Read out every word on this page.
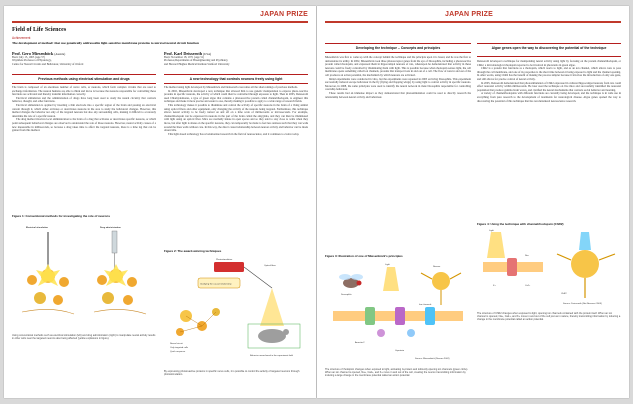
JAPAN PRIZE
Field of Life Sciences
Achievement
The development of method: that use genetically addressable light-sensitive membrane proteins to unravel neural circuit function
Prof. Gero Miesenböck (Austria)
Born: July 15, 1965 (Age 57)
Waynflete Professor of Physiology,
Centre for Neural Circuits and Behaviour, University of Oxford
Prof. Karl Deisseroth (USA)
Born: November 18, 1971 (Age 51)
Professor,Departments of Bioengineering and Psychiatry,
and Howard Hughes Medical Institute Stanford University
Previous methods using electrical stimulation and drugs
The brain is composed of an enormous number of nerve cells, or neurons, which form complex circuits that are used to exchange information. The neuron humans are able to think and move is because the neurons responsible for controlling these functions are activated and thereby transmit information correctly.
Electrical stimulation and the administration of drugs have long been used to study the neural circuitry that controls behavior, thought, and other functions.
Electrical stimulation is applied by inserting a thin electrode into a specific region of the brain and passing an electrical current through it, which either activates or deactivates neurons in the area to study the behavioral changes. However, this method changes the behavior not only of the targeted neurons but also any surrounding cells, making it difficult to accurately determine the role of a specific neuron.
The drug method involves local administration to the brain of a drug that activates or deactivates specific neurons, or which point subsequent behavioral changes are observed to understand the role of those neurons. However, neural activity causes of a new measurable in milliseconds, so because a drug takes time to affect the targeted neurons, there is a time lag that can be gained from this method.
Figure 1: Conventional methods for investigating the role of neurons
Electrical stimulation	Drug administration
Using conventional methods such as electrical stimulation (left) and drug administration (right) to manipulate neural activity results in other cells near the targeted neurons also being affected (yellow explosions in figure).
A new technology that controls neurons freely using light
The method using light developed by Miesenböck and Deisseroth overcomes all the shortcomings of previous methods.
In 2002, Miesenböck developed a new technique that allowed him to use genetic manipulation to express photo-reactive proteins in specific neurons, the activity of which could then be controlled through exposure to light. Then in 2005, Deisseroth used Chlamydomonas, a type of green algae that contains a photoreactive protein called channelrhodopsin, to engineer this technique and make it more precise and easier to use, thereby making it possible to apply to a wide range of research fields.
This technology makes it possible to illuminate and control the activity of specific neurons in the brain of a living animal using optical fibers and other equipment, only changing the activity of the neurons being targeted. Furthermore, this technique allows neural activity to be freely turned on and off on a time scale of milliseconds or microseconds. For example, channelrhodopsin can be expressed in neurons in the part of the brain called the amygdala, and they can then be illuminated with light using an optical fiber. Mice are normally innate in open spaces and so they tend to stay close to walls when they move, but after light is shone on the specific neurons, they can temporarily be made to feel less anxious such that they can walk around the lines walls without care. In this way, the direct causal relationship between neuron activity and behavior can be made observable.
This light-based technology has revolutionized research in the field of neuroscience, and it continues to evolve today.
Figure 2: The award-winning techniques
Photostimulation
Optical fiber
Clarifying the causal relationship
Neural circuit
Only targeted cells
Quick response
Behavior unanchored in the experiment field
By expressing photoreactive proteins in specific nerve cells, it is possible to control the activity of targeted neurons through photostimulation.
JAPAN PRIZE
Developing the technique – Concepts and principles
Miesenböck was first to come up with the concept behind the technique and the principle upon it is based, and he was the first to demonstrate its utility. In 2002, Miesenböck took three photoreceptor genes from the eye of Drosophila, including a photoreactive protein called rhodopsin, and expressed them in hippocampal neurons of rats, whereupon he demonstrated that activity in these neurons could be freely controlled by illuminating them with light. This is possible because when rhodopsin senses light, the cell membrane opens something called ion channels, proteins that transport ions in and out of a cell. The flow of ions in and out of the cell produces an action potential, the mechanism by which neurons are activated.
Initial experiments were conducted in vitro, but the experiments were repeated in 2005 on living Drosophila. This experiment successfully induced escape behaviour in the fly (flying and flapping wings) by using light to control activity in specific neurons. Moreover, in 2008, the same principles were used to identify the neural network in male Drosophila responsible for controlling courtship behaviour.
These results had an immense impact as they demonstrated that photostimulation could be used to directly research the relationship between neural activity and behaviour.
Figure 3: Illustration of one of Miesenböck's principles
Drosophila
Light
Neuron
Ion channels
Arrestin-2
G-protein
Source: Miesenböck (Neuron 2002)
The structure of rhodopsin changes when exposed to light, activating G-protein and indirectly opening ion channels (green circle). When an ion channel is opened, Na+, Ca2+, and K+ move in and out of the cell, creating the neuron transmitting information by inducing a large change in the membrane potential called an action potential.
Algae genes open the way to discovering the potential of the technique
Deisseroth developed a technique for manipulating neural activity using light by focusing on the protein channelrhodopsin, or ChR2, a microbiological rhodopsin reported to be involved in phototaxis in green algae.
ChR2 is a protein that functions as a rhodopsin, which reacts to light, and as an ion channel, which allows ions to pass through the cell membrane, and one of its properties is the short time between it being exposed to light and the channel opening. In other words, using ChR2 has the benefit of making the process simpler because it involves the introduction of only one gene, and still allows for precise control of neural activity.
In 2005, Deisseroth demonstrated that photostimulation of ChR2 expressed in cultured hippocampal neurons from rats could effect neuronal activity within milliseconds. He later used the technique on live mice and successfully identified the neuronal population that produce gamma brain waves, and clarified the neural mechanisms that controls social behavior and learning.
A variety of channelrhodopsins with different functions are currently being developed, and the technique is in wide use in everything from pure research to the development of treatments for neurological disease. Algae genes opened the way to discovering the potential of this technique that has revolutionized neuroscience research.
Figure 4: Using the technique with channelrhodopsin (ChR2)
Light
Na+
Ca2+
K+
ChR2
Source: Deisseroth (Nat Neurosci 2005)
The structure of ChR2 changes when exposed to light, opening ion channels contained with the protein itself. When an ion channel is opened, Na+, Ca2+, and K+ move in and out of the cell just as in nature, thereby transmitting information by inducing a change in the membrane potential called an action potential.
